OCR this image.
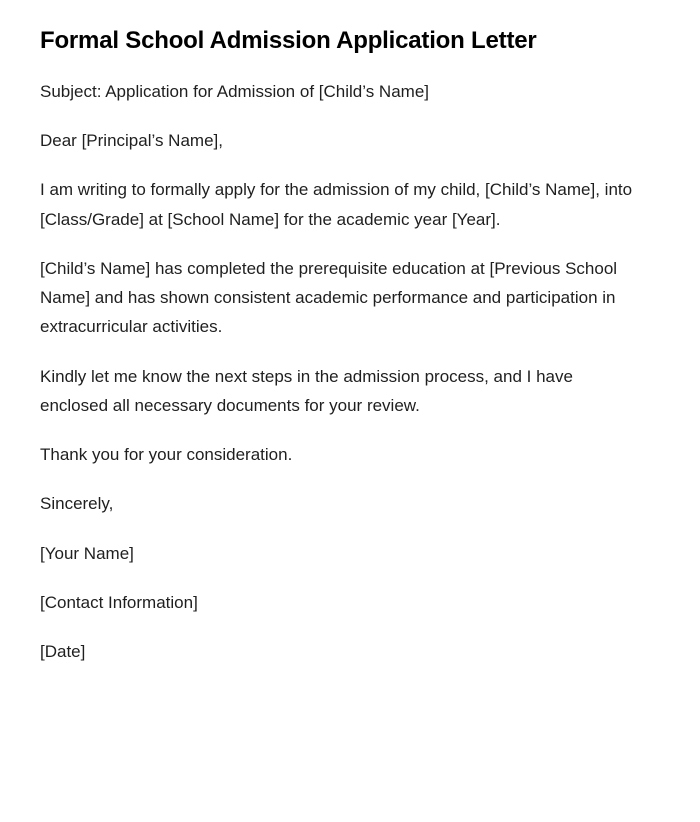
Formal School Admission Application Letter

Subject: Application for Admission of [Child’s Name]

Dear [Principal’s Name],

I am writing to formally apply for the admission of my child, [Child’s Name], into [Class/Grade] at [School Name] for the academic year [Year].

[Child’s Name] has completed the prerequisite education at [Previous School Name] and has shown consistent academic performance and participation in extracurricular activities.

Kindly let me know the next steps in the admission process, and I have enclosed all necessary documents for your review.

Thank you for your consideration.

Sincerely,

[Your Name]

[Contact Information]

[Date]
